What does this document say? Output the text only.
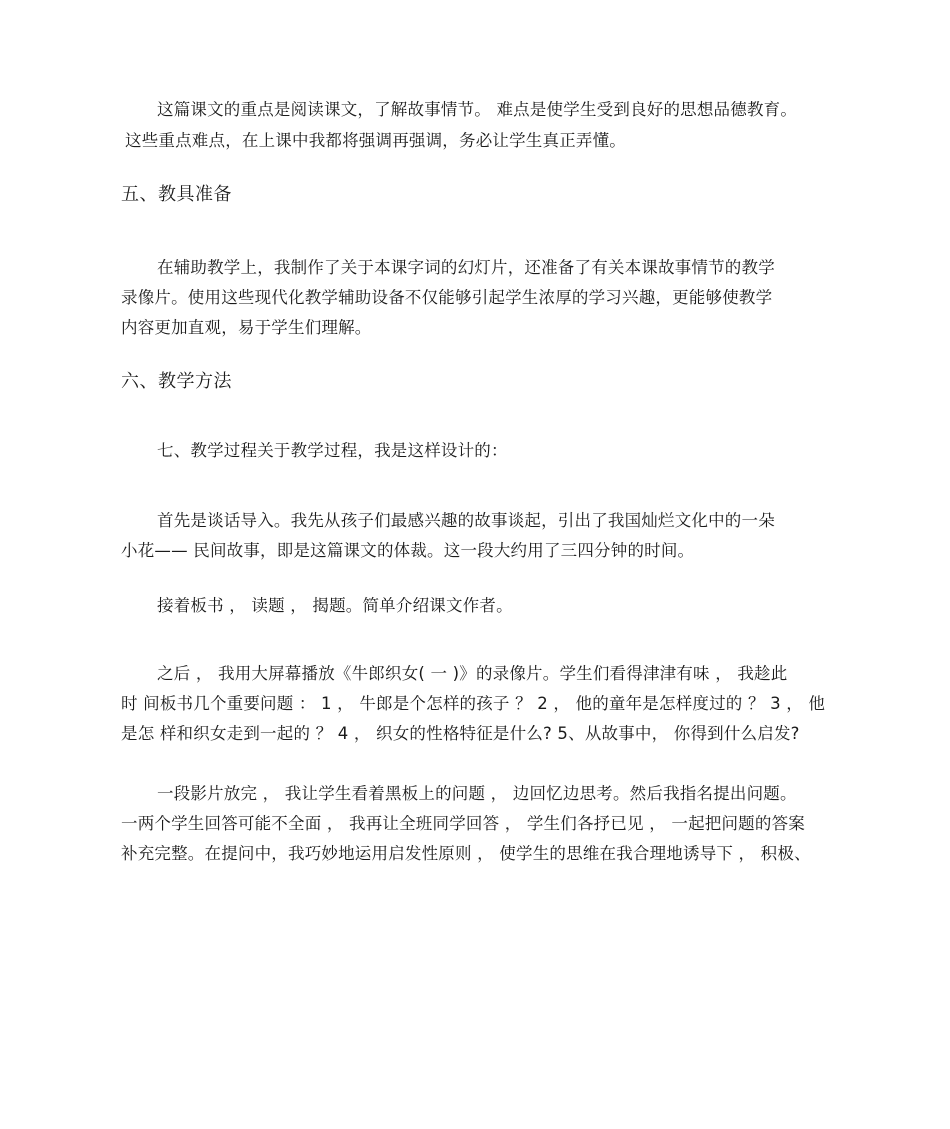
这篇课文的重点是阅读课文，了解故事情节。 难点是使学生受到良好的思想品德教育。
这些重点难点，在上课中我都将强调再强调，务必让学生真正弄懂。
五、教具准备
在辅助教学上，我制作了关于本课字词的幻灯片，还准备了有关本课故事情节的教学
录像片。使用这些现代化教学辅助设备不仅能够引起学生浓厚的学习兴趣，更能够使教学
内容更加直观，易于学生们理解。
六、教学方法
七、教学过程关于教学过程，我是这样设计的：
首先是谈话导入。我先从孩子们最感兴趣的故事谈起，引出了我国灿烂文化中的一朵
小花—— 民间故事，即是这篇课文的体裁。这一段大约用了三四分钟的时间。
接着板书 ， 读题 ， 揭题。简单介绍课文作者。
之后 ， 我用大屏幕播放《牛郎织女( 一 )》的录像片。学生们看得津津有味 ， 我趁此
时 间板书几个重要问题 ： 1 ， 牛郎是个怎样的孩子 ？ 2 ， 他的童年是怎样度过的 ？ 3 ， 他
是怎 样和织女走到一起的 ？ 4 ， 织女的性格特征是什么? 5、从故事中， 你得到什么启发?
一段影片放完 ， 我让学生看着黑板上的问题 ， 边回忆边思考。然后我指名提出问题。
一两个学生回答可能不全面 ， 我再让全班同学回答 ， 学生们各抒已见 ， 一起把问题的答案
补充完整。在提问中，我巧妙地运用启发性原则 ， 使学生的思维在我合理地诱导下 ， 积极、
